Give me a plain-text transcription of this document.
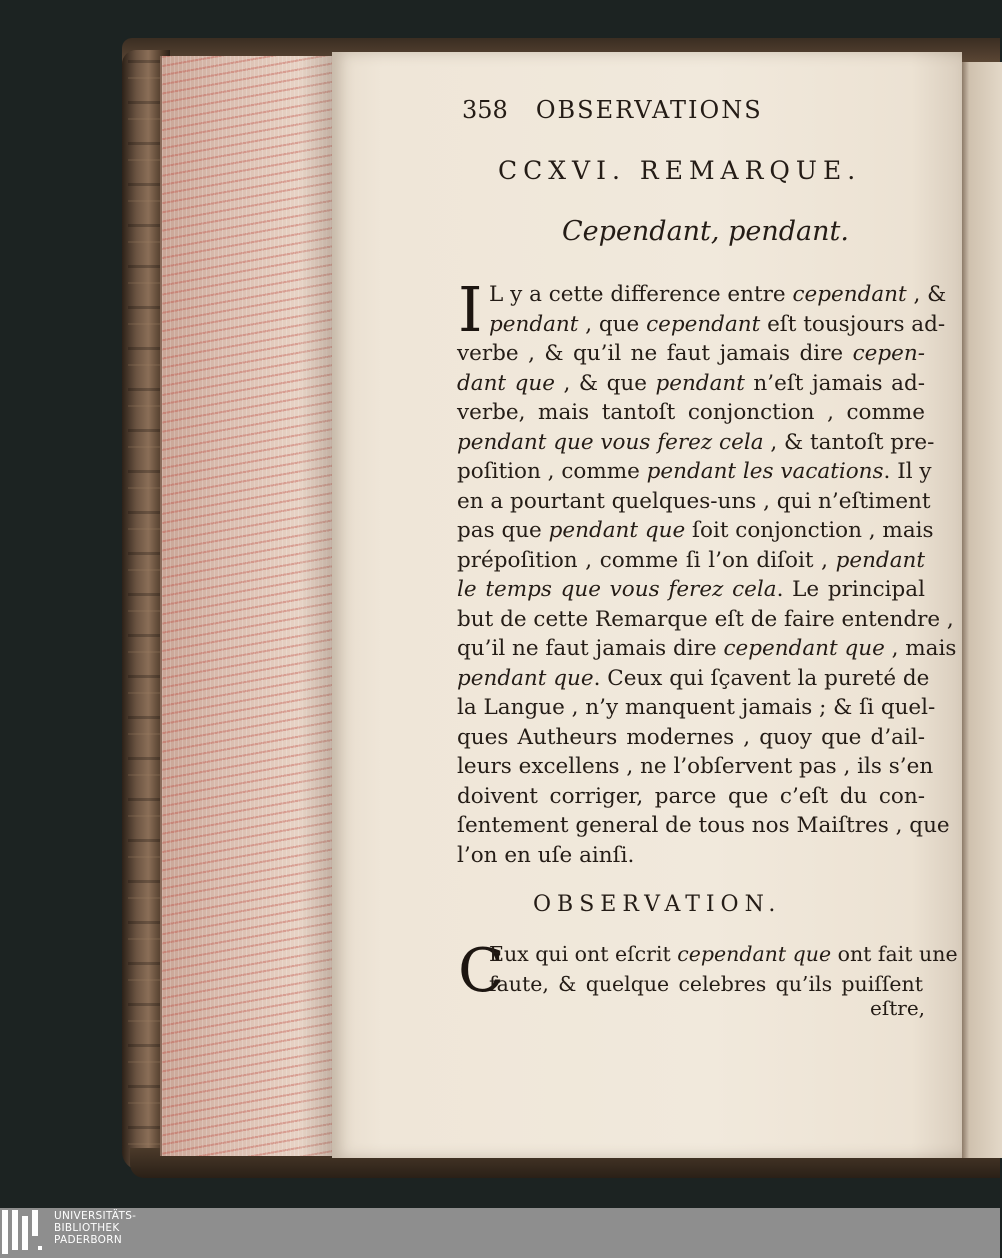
358 OBSERVATIONS
CCXVI. REMARQUE.
Cependant, pendant.
I L y a cette difference entre cependant , &
pendant , que cependant eſt tousjours ad-
verbe , & qu’il ne faut jamais dire cepen-
dant que , & que pendant n’eſt jamais ad-
verbe, mais tantoſt conjonction , comme
pendant que vous ferez cela , & tantoſt pre-
poſition , comme pendant les vacations. Il y
en a pourtant quelques-uns , qui n’eſtiment
pas que pendant que ſoit conjonction , mais
prépoſition , comme ſi l’on diſoit , pendant
le temps que vous ferez cela. Le principal
but de cette Remarque eſt de faire entendre ,
qu’il ne faut jamais dire cependant que , mais
pendant que. Ceux qui ſçavent la pureté de
la Langue , n’y manquent jamais ; & ſi quel-
ques Autheurs modernes , quoy que d’ail-
leurs excellens , ne l’obſervent pas , ils s’en
doivent corriger, parce que c’eſt du con-
ſentement general de tous nos Maiſtres , que
l’on en uſe ainſi.
OBSERVATION.
C
Eux qui ont eſcrit cependant que ont fait une
faute, & quelque celebres qu’ils puiſſent
eſtre,
UNIVERSITÄTS-
BIBLIOTHEK
PADERBORN
